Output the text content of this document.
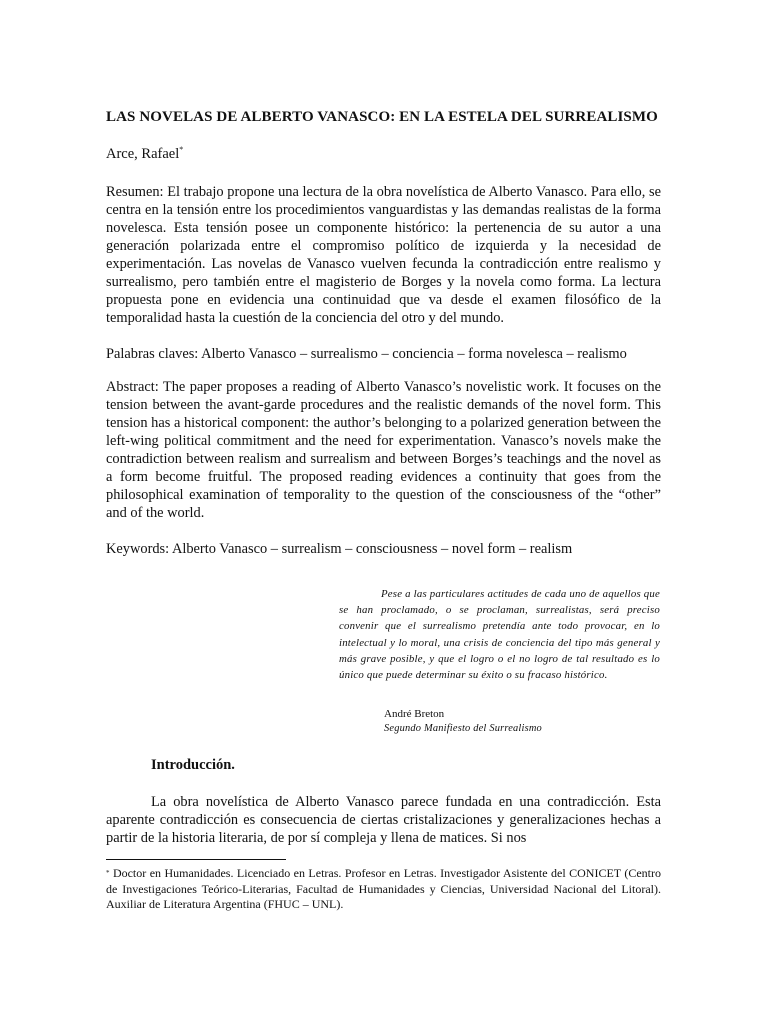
LAS NOVELAS DE ALBERTO VANASCO: EN LA ESTELA DEL SURREALISMO
Arce, Rafael*

Resumen: El trabajo propone una lectura de la obra novelística de Alberto Vanasco. Para ello, se centra en la tensión entre los procedimientos vanguardistas y las demandas realistas de la forma novelesca. Esta tensión posee un componente histórico: la pertenencia de su autor a una generación polarizada entre el compromiso político de izquierda y la necesidad de experimentación. Las novelas de Vanasco vuelven fecunda la contradicción entre realismo y surrealismo, pero también entre el magisterio de Borges y la novela como forma. La lectura propuesta pone en evidencia una continuidad que va desde el examen filosófico de la temporalidad hasta la cuestión de la conciencia del otro y del mundo.

Palabras claves: Alberto Vanasco – surrealismo – conciencia – forma novelesca – realismo

Abstract: The paper proposes a reading of Alberto Vanasco’s novelistic work. It focuses on the tension between the avant-garde procedures and the realistic demands of the novel form. This tension has a historical component: the author’s belonging to a polarized generation between the left-wing political commitment and the need for experimentation. Vanasco’s novels make the contradiction between realism and surrealism and between Borges’s teachings and the novel as a form become fruitful. The proposed reading evidences a continuity that goes from the philosophical examination of temporality to the question of the consciousness of the “other” and of the world.

Keywords: Alberto Vanasco – surrealism – consciousness – novel form – realism

Pese a las particulares actitudes de cada uno de aquellos que se han proclamado, o se proclaman, surrealistas, será preciso convenir que el surrealismo pretendía ante todo provocar, en lo intelectual y lo moral, una crisis de conciencia del tipo más general y más grave posible, y que el logro o el no logro de tal resultado es lo único que puede determinar su éxito o su fracaso histórico.

André Breton
Segundo Manifiesto del Surrealismo
Introducción.

La obra novelística de Alberto Vanasco parece fundada en una contradicción. Esta aparente contradicción es consecuencia de ciertas cristalizaciones y generalizaciones hechas a partir de la historia literaria, de por sí compleja y llena de matices. Si nos

* Doctor en Humanidades. Licenciado en Letras. Profesor en Letras. Investigador Asistente del CONICET (Centro de Investigaciones Teórico-Literarias, Facultad de Humanidades y Ciencias, Universidad Nacional del Litoral). Auxiliar de Literatura Argentina (FHUC – UNL).
